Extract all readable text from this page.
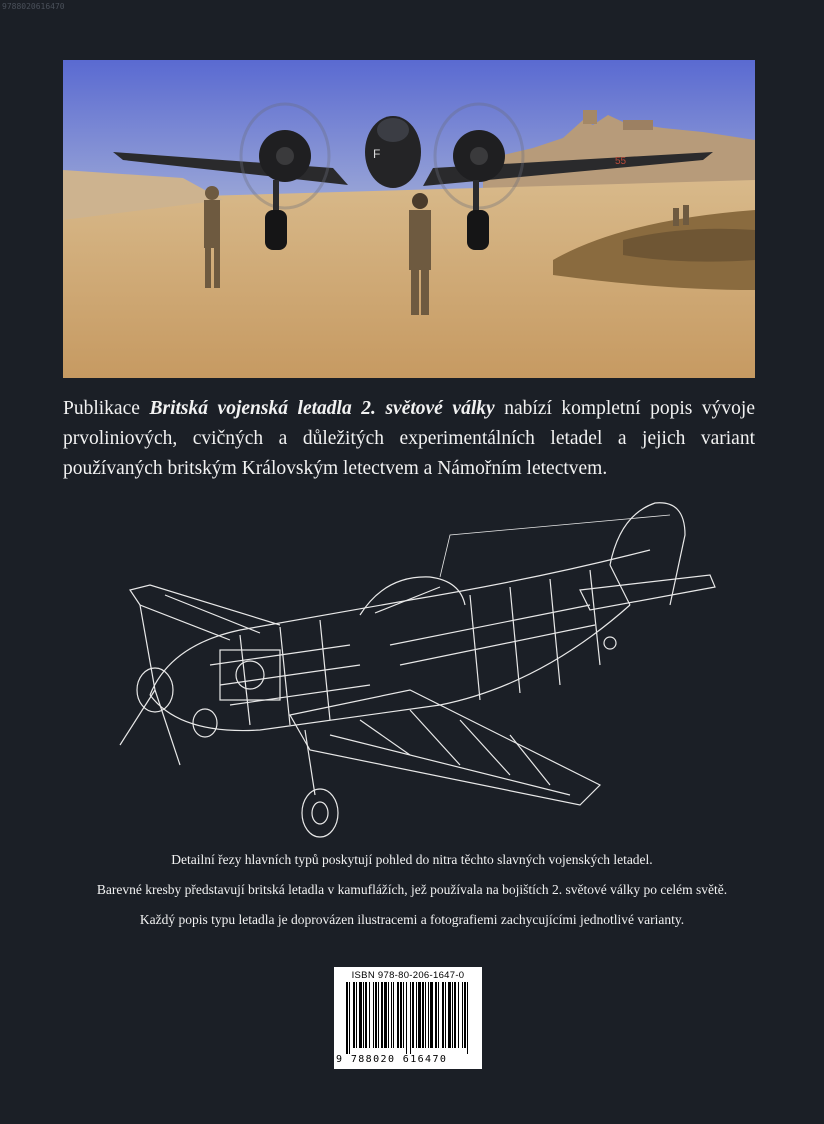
9788020616470
F
55
Publikace Britská vojenská letadla 2. světové války nabízí kompletní popis vývoje prvoliniových, cvičných a důležitých experimentálních letadel a jejich variant používaných britským Královským letectvem a Námořním letectvem.

Detailní řezy hlavních typů poskytují pohled do nitra těchto slavných vojenských letadel.

Barevné kresby představují britská letadla v kamuflážích, jež používala na bojištích 2. světové války po celém světě.

Každý popis typu letadla je doprovázen ilustracemi a fotografiemi zachycujícími jednotlivé varianty.

ISBN 978-80-206-1647-0
9 788020 616470
